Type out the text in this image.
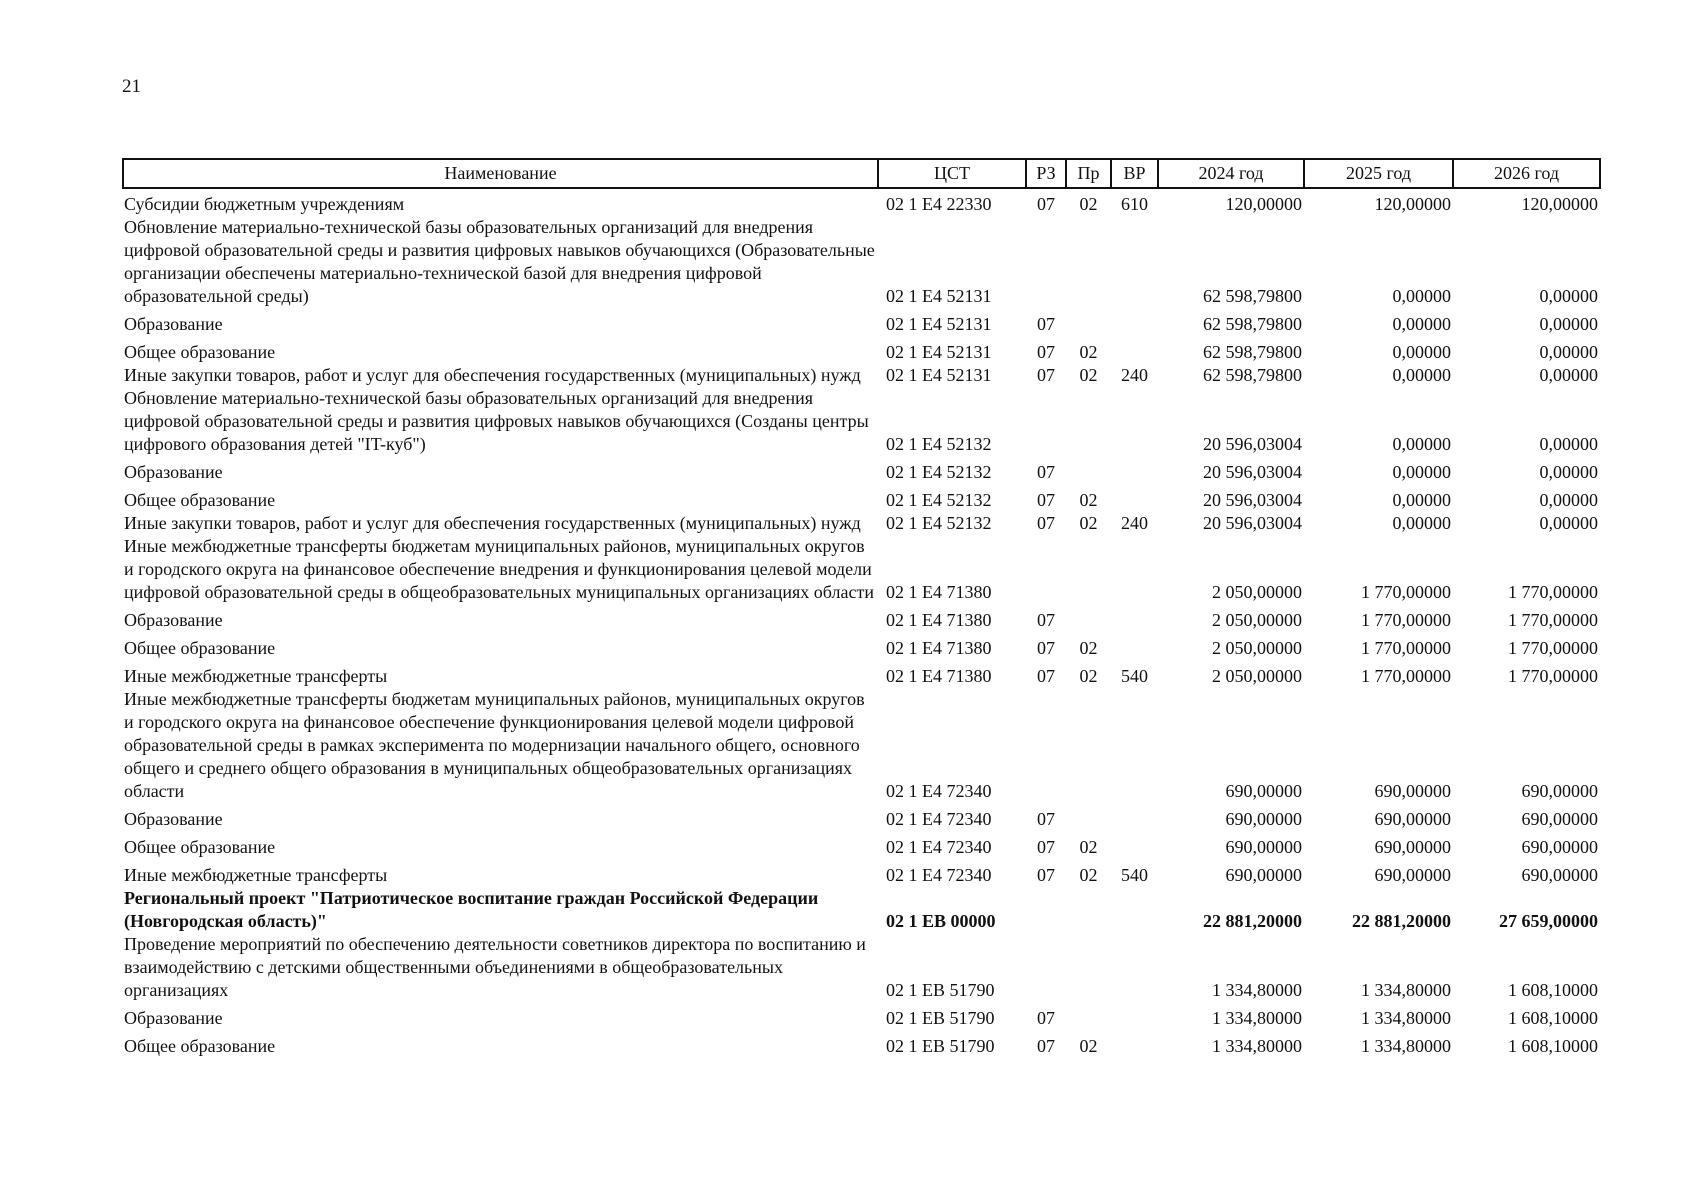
21
Наименование	ЦСТ	РЗ	Пр	ВР	2024 год	2025 год	2026 год

Субсидии бюджетным учреждениям	02 1 Е4 22330	07	02	610	120,00000	120,00000	120,00000
Обновление материально-технической базы образовательных организаций для внедрения цифровой образовательной среды и развития цифровых навыков обучающихся (Образовательные организации обеспечены материально-технической базой для внедрения цифровой образовательной среды)	02 1 Е4 52131				62 598,79800	0,00000	0,00000
Образование	02 1 Е4 52131	07			62 598,79800	0,00000	0,00000
Общее образование	02 1 Е4 52131	07	02		62 598,79800	0,00000	0,00000
Иные закупки товаров, работ и услуг для обеспечения государственных (муниципальных) нужд	02 1 Е4 52131	07	02	240	62 598,79800	0,00000	0,00000
Обновление материально-технической базы образовательных организаций для внедрения цифровой образовательной среды и развития цифровых навыков обучающихся (Созданы центры цифрового образования детей "IT-куб")	02 1 Е4 52132				20 596,03004	0,00000	0,00000
Образование	02 1 Е4 52132	07			20 596,03004	0,00000	0,00000
Общее образование	02 1 Е4 52132	07	02		20 596,03004	0,00000	0,00000
Иные закупки товаров, работ и услуг для обеспечения государственных (муниципальных) нужд	02 1 Е4 52132	07	02	240	20 596,03004	0,00000	0,00000
Иные межбюджетные трансферты бюджетам муниципальных районов, муниципальных округов и городского округа на финансовое обеспечение внедрения и функционирования целевой модели цифровой образовательной среды в общеобразовательных муниципальных организациях области	02 1 Е4 71380				2 050,00000	1 770,00000	1 770,00000
Образование	02 1 Е4 71380	07			2 050,00000	1 770,00000	1 770,00000
Общее образование	02 1 Е4 71380	07	02		2 050,00000	1 770,00000	1 770,00000
Иные межбюджетные трансферты	02 1 Е4 71380	07	02	540	2 050,00000	1 770,00000	1 770,00000
Иные межбюджетные трансферты бюджетам муниципальных районов, муниципальных округов и городского округа на финансовое обеспечение функционирования целевой модели цифровой образовательной среды в рамках эксперимента по модернизации начального общего, основного общего и среднего общего образования в муниципальных общеобразовательных организациях области	02 1 Е4 72340				690,00000	690,00000	690,00000
Образование	02 1 Е4 72340	07			690,00000	690,00000	690,00000
Общее образование	02 1 Е4 72340	07	02		690,00000	690,00000	690,00000
Иные межбюджетные трансферты	02 1 Е4 72340	07	02	540	690,00000	690,00000	690,00000
Региональный проект "Патриотическое воспитание граждан Российской Федерации (Новгородская область)"	02 1 ЕВ 00000				22 881,20000	22 881,20000	27 659,00000
Проведение мероприятий по обеспечению деятельности советников директора по воспитанию и взаимодействию с детскими общественными объединениями в общеобразовательных организациях	02 1 ЕВ 51790				1 334,80000	1 334,80000	1 608,10000
Образование	02 1 ЕВ 51790	07			1 334,80000	1 334,80000	1 608,10000
Общее образование	02 1 ЕВ 51790	07	02		1 334,80000	1 334,80000	1 608,10000
